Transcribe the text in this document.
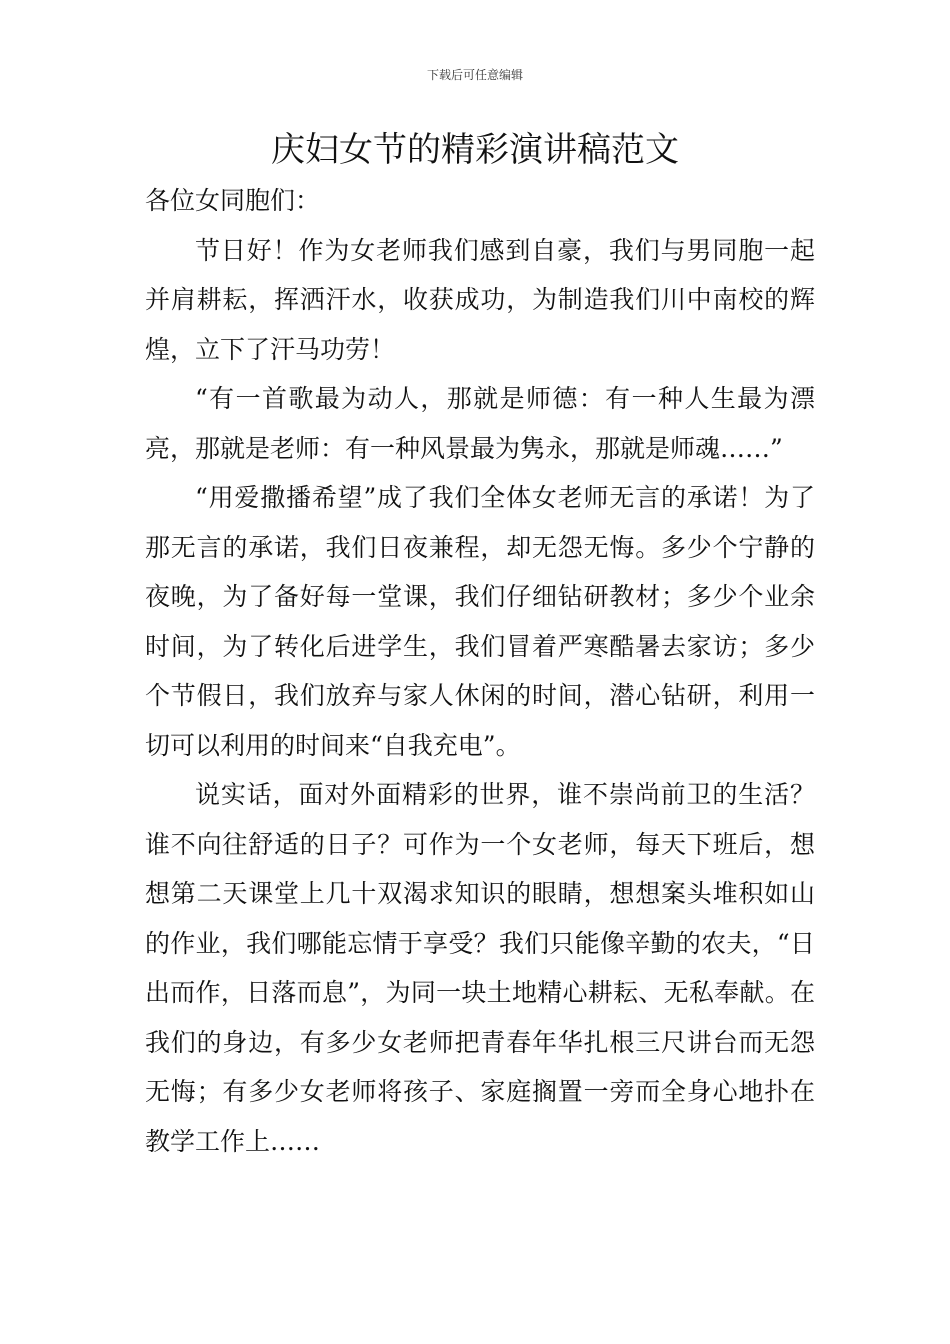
下载后可任意编辑
庆妇女节的精彩演讲稿范文

各位女同胞们：

节日好！作为女老师我们感到自豪，我们与男同胞一起并肩耕耘，挥洒汗水，收获成功，为制造我们川中南校的辉煌，立下了汗马功劳！

“有一首歌最为动人，那就是师德：有一种人生最为漂亮，那就是老师：有一种风景最为隽永，那就是师魂……”

“用爱撒播希望”成了我们全体女老师无言的承诺！为了那无言的承诺，我们日夜兼程，却无怨无悔。多少个宁静的夜晚，为了备好每一堂课，我们仔细钻研教材；多少个业余时间，为了转化后进学生，我们冒着严寒酷暑去家访；多少个节假日，我们放弃与家人休闲的时间，潜心钻研，利用一切可以利用的时间来“自我充电”。

说实话，面对外面精彩的世界，谁不崇尚前卫的生活？谁不向往舒适的日子？可作为一个女老师，每天下班后，想想第二天课堂上几十双渴求知识的眼睛，想想案头堆积如山的作业，我们哪能忘情于享受？我们只能像辛勤的农夫，“日出而作，日落而息”，为同一块土地精心耕耘、无私奉献。在我们的身边，有多少女老师把青春年华扎根三尺讲台而无怨无悔；有多少女老师将孩子、家庭搁置一旁而全身心地扑在教学工作上……
